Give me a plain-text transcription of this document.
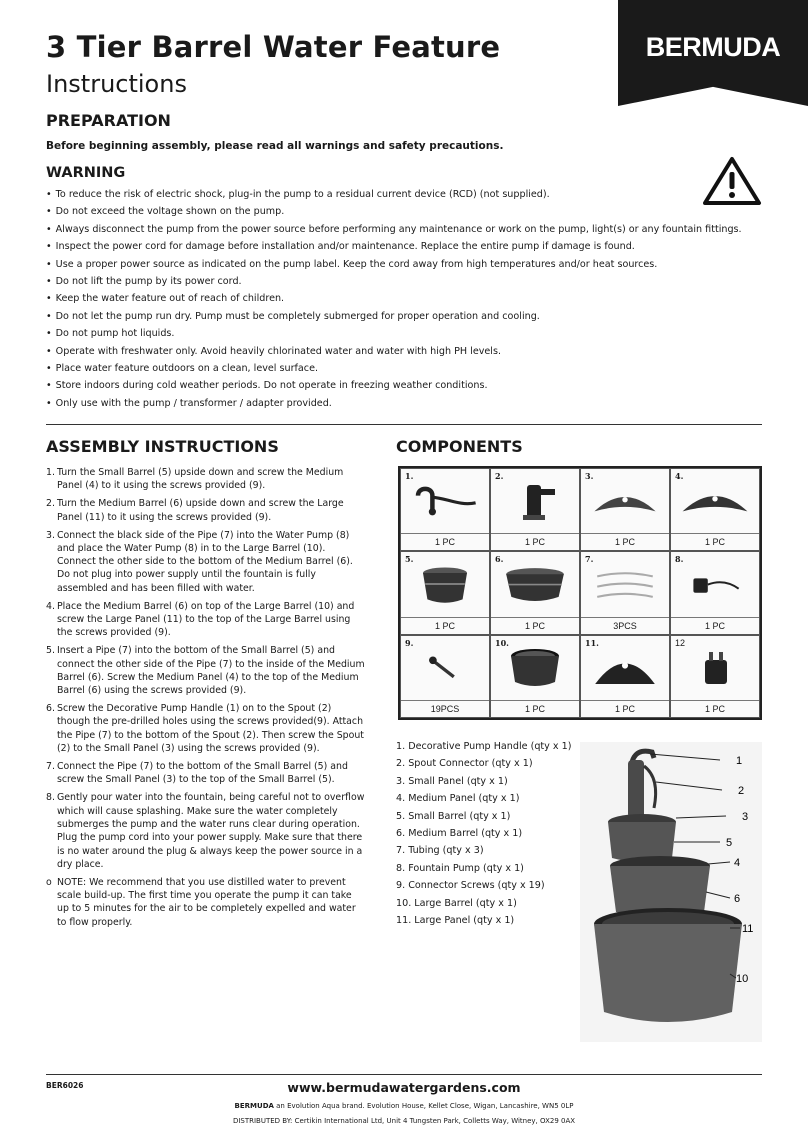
3 Tier Barrel Water Feature
Instructions
BERMUDA
PREPARATION
Before beginning assembly, please read all warnings and safety precautions.
WARNING
• To reduce the risk of electric shock, plug-in the pump to a residual current device (RCD) (not supplied).
• Do not exceed the voltage shown on the pump.
• Always disconnect the pump from the power source before performing any maintenance or work on the pump, light(s) or any fountain fittings.
• Inspect the power cord for damage before installation and/or maintenance. Replace the entire pump if damage is found.
• Use a proper power source as indicated on the pump label. Keep the cord away from high temperatures and/or heat sources.
• Do not lift the pump by its power cord.
• Keep the water feature out of reach of children.
• Do not let the pump run dry. Pump must be completely submerged for proper operation and cooling.
• Do not pump hot liquids.
• Operate with freshwater only. Avoid heavily chlorinated water and water with high PH levels.
• Place water feature outdoors on a clean, level surface.
• Store indoors during cold weather periods. Do not operate in freezing weather conditions.
• Only use with the pump / transformer / adapter provided.
ASSEMBLY INSTRUCTIONS
1. Turn the Small Barrel (5) upside down and screw the Medium Panel (4) to it using the screws provided (9).
2. Turn the Medium Barrel (6) upside down and screw the Large Panel (11) to it using the screws provided (9).
3. Connect the black side of the Pipe (7) into the Water Pump (8) and place the Water Pump (8) in to the Large Barrel (10). Connect the other side to the bottom of the Medium Barrel (6). Do not plug into power supply until the fountain is fully assembled and has been filled with water.
4. Place the Medium Barrel (6) on top of the Large Barrel (10) and screw the Large Panel (11) to the top of the Large Barrel using the screws provided (9).
5. Insert a Pipe (7) into the bottom of the Small Barrel (5) and connect the other side of the Pipe (7) to the inside of the Medium Barrel (6). Screw the Medium Panel (4) to the top of the Medium Barrel (6) using the screws provided (9).
6. Screw the Decorative Pump Handle (1) on to the Spout (2) though the pre-drilled holes using the screws provided(9). Attach the Pipe (7) to the bottom of the Spout (2). Then screw the Spout (2) to the Small Panel (3) using the screws provided (9).
7. Connect the Pipe (7) to the bottom of the Small Barrel (5) and screw the Small Panel (3) to the top of the Small Barrel (5).
8. Gently pour water into the fountain, being careful not to overflow which will cause splashing. Make sure the water completely submerges the pump and the water runs clear during operation. Plug the pump cord into your power supply. Make sure that there is no water around the plug & always keep the power source in a dry place.
o NOTE: We recommend that you use distilled water to prevent scale build-up. The first time you operate the pump it can take up to 5 minutes for the air to be completely expelled and water to flow properly.
COMPONENTS
1.
1 PC
2.
1 PC
3.
1 PC
4.
1 PC
5.
1 PC
6.
1 PC
7.
3PCS
8.
1 PC
9.
19PCS
10.
1 PC
11.
1 PC
12
1 PC
1. Decorative Pump Handle (qty x 1)
2. Spout Connector (qty x 1)
3. Small Panel (qty x 1)
4. Medium Panel (qty x 1)
5. Small Barrel (qty x 1)
6. Medium Barrel (qty x 1)
7. Tubing (qty x 3)
8. Fountain Pump (qty x 1)
9. Connector Screws (qty x 19)
10. Large Barrel (qty x 1)
11. Large Panel (qty x 1)
1
2
3
5
4
6
11
10
BER6026	www.bermudawatergardens.com
BERMUDA an Evolution Aqua brand. Evolution House, Kellet Close, Wigan, Lancashire, WN5 0LP
DISTRIBUTED BY: Certikin International Ltd, Unit 4 Tungsten Park, Colletts Way, Witney, OX29 0AX
